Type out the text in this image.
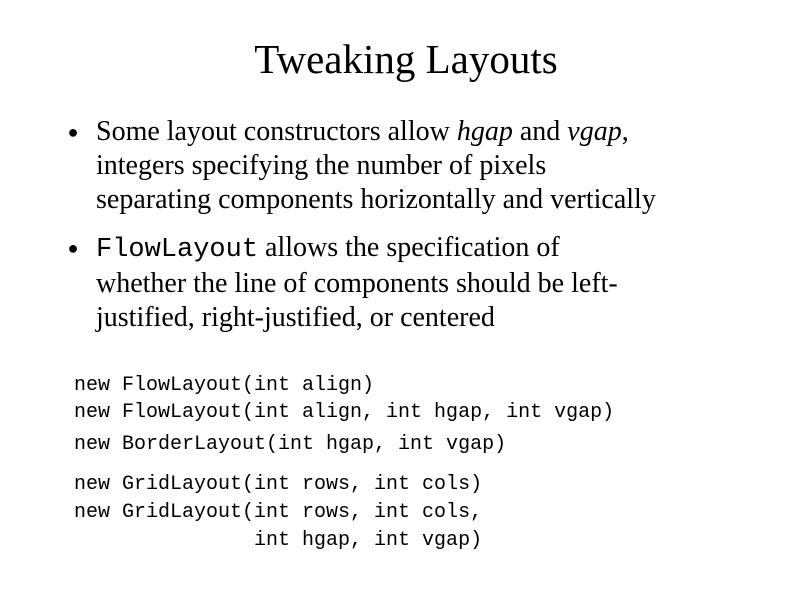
Tweaking Layouts
● Some layout constructors allow hgap and vgap,
integers specifying the number of pixels
separating components horizontally and vertically
● FlowLayout allows the specification of
whether the line of components should be left-
justified, right-justified, or centered
new FlowLayout(int align)
new FlowLayout(int align, int hgap, int vgap)
new BorderLayout(int hgap, int vgap)
new GridLayout(int rows, int cols)
new GridLayout(int rows, int cols,
int hgap, int vgap)
